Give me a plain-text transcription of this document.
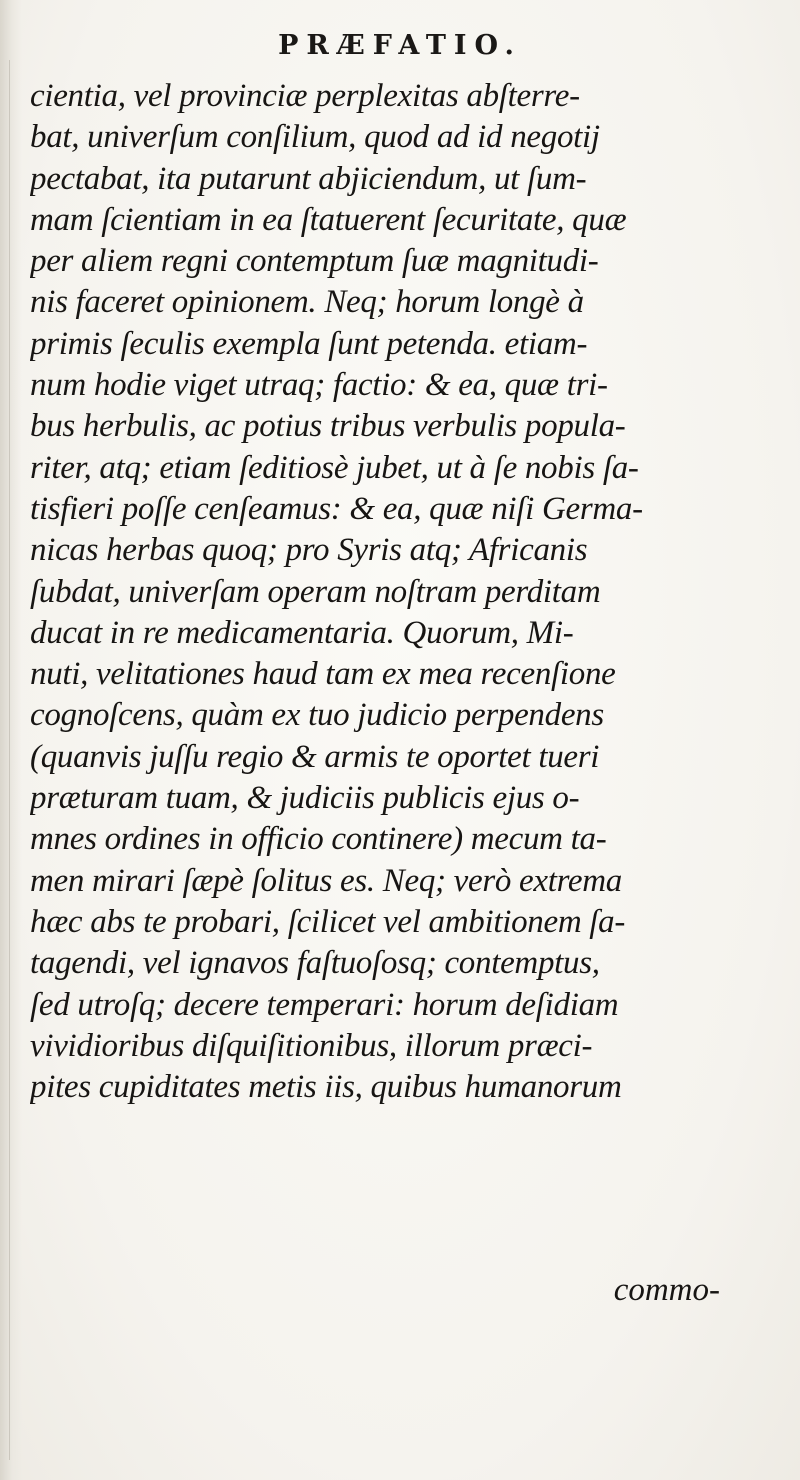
PRÆFATIO.
cientia, vel provinciæ perplexitas abſterre-
bat, univerſum conſilium, quod ad id negotij
pectabat, ita putarunt abjiciendum, ut ſum-
mam ſcientiam in ea ſtatuerent ſecuritate, quæ
per aliem regni contemptum ſuæ magnitudi-
nis faceret opinionem. Neq; horum longè à
primis ſeculis exempla ſunt petenda. etiam-
num hodie viget utraq; factio: & ea, quæ tri-
bus herbulis, ac potius tribus verbulis popula-
riter, atq; etiam ſeditiosè jubet, ut à ſe nobis ſa-
tisfieri poſſe cenſeamus: & ea, quæ niſi Germa-
nicas herbas quoq; pro Syris atq; Africanis
ſubdat, univerſam operam noſtram perditam
ducat in re medicamentaria. Quorum, Mi-
nuti, velitationes haud tam ex mea recenſione
cognoſcens, quàm ex tuo judicio perpendens
(quanvis juſſu regio & armis te oportet tueri
præturam tuam, & judiciis publicis ejus o-
mnes ordines in officio continere) mecum ta-
men mirari ſæpè ſolitus es. Neq; verò extrema
hæc abs te probari, ſcilicet vel ambitionem ſa-
tagendi, vel ignavos faſtuoſosq; contemptus,
ſed utroſq; decere temperari: horum deſidiam
vividioribus diſquiſitionibus, illorum præci-
pites cupiditates metis iis, quibus humanorum
commo-
